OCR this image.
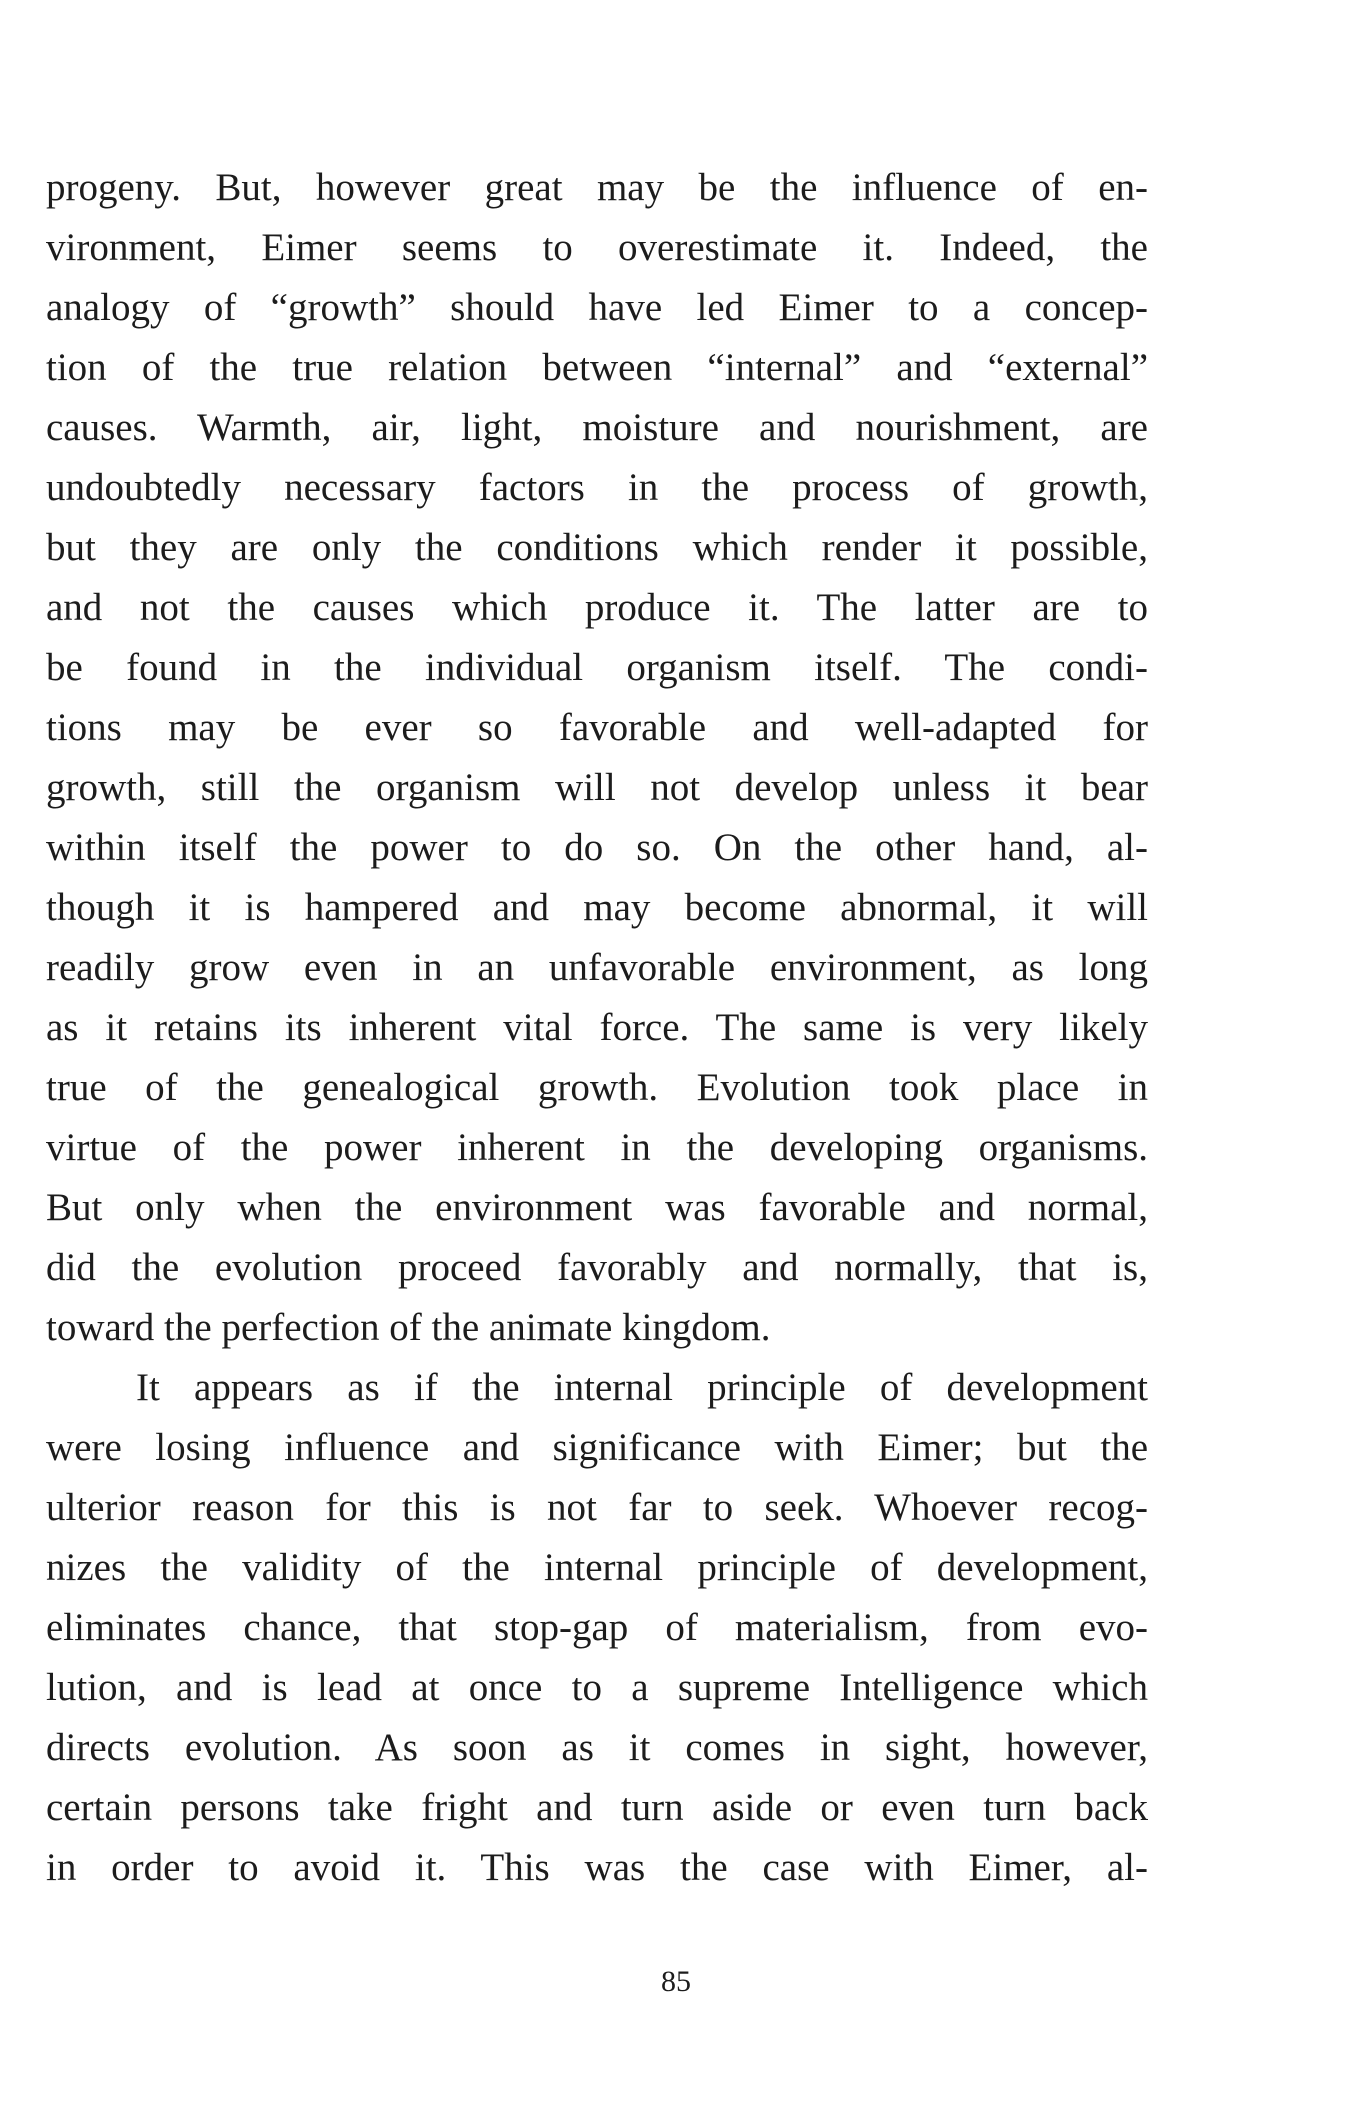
progeny. But, however great may be the influence of en-
vironment, Eimer seems to overestimate it. Indeed, the
analogy of “growth” should have led Eimer to a concep-
tion of the true relation between “internal” and “external”
causes. Warmth, air, light, moisture and nourishment, are
undoubtedly necessary factors in the process of growth,
but they are only the conditions which render it possible,
and not the causes which produce it. The latter are to
be found in the individual organism itself. The condi-
tions may be ever so favorable and well-adapted for
growth, still the organism will not develop unless it bear
within itself the power to do so. On the other hand, al-
though it is hampered and may become abnormal, it will
readily grow even in an unfavorable environment, as long
as it retains its inherent vital force. The same is very likely
true of the genealogical growth. Evolution took place in
virtue of the power inherent in the developing organisms.
But only when the environment was favorable and normal,
did the evolution proceed favorably and normally, that is,
toward the perfection of the animate kingdom.
It appears as if the internal principle of development
were losing influence and significance with Eimer; but the
ulterior reason for this is not far to seek. Whoever recog-
nizes the validity of the internal principle of development,
eliminates chance, that stop-gap of materialism, from evo-
lution, and is lead at once to a supreme Intelligence which
directs evolution. As soon as it comes in sight, however,
certain persons take fright and turn aside or even turn back
in order to avoid it. This was the case with Eimer, al-
85
